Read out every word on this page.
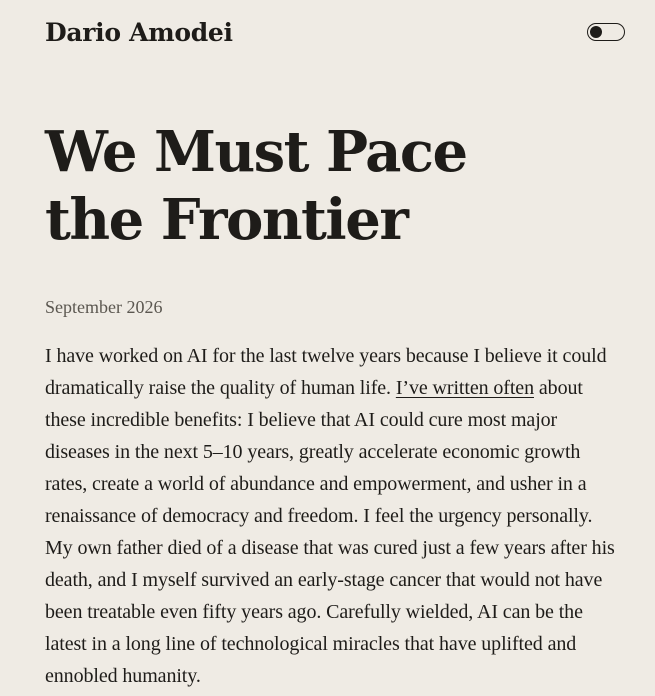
Dario Amodei
We Must Pace
the Frontier

September 2026

I have worked on AI for the last twelve years because I believe it could
dramatically raise the quality of human life. I’ve written often about
these incredible benefits: I believe that AI could cure most major
diseases in the next 5–10 years, greatly accelerate economic growth
rates, create a world of abundance and empowerment, and usher in a
renaissance of democracy and freedom. I feel the urgency personally.
My own father died of a disease that was cured just a few years after his
death, and I myself survived an early-stage cancer that would not have
been treatable even fifty years ago. Carefully wielded, AI can be the
latest in a long line of technological miracles that have uplifted and
ennobled humanity.
